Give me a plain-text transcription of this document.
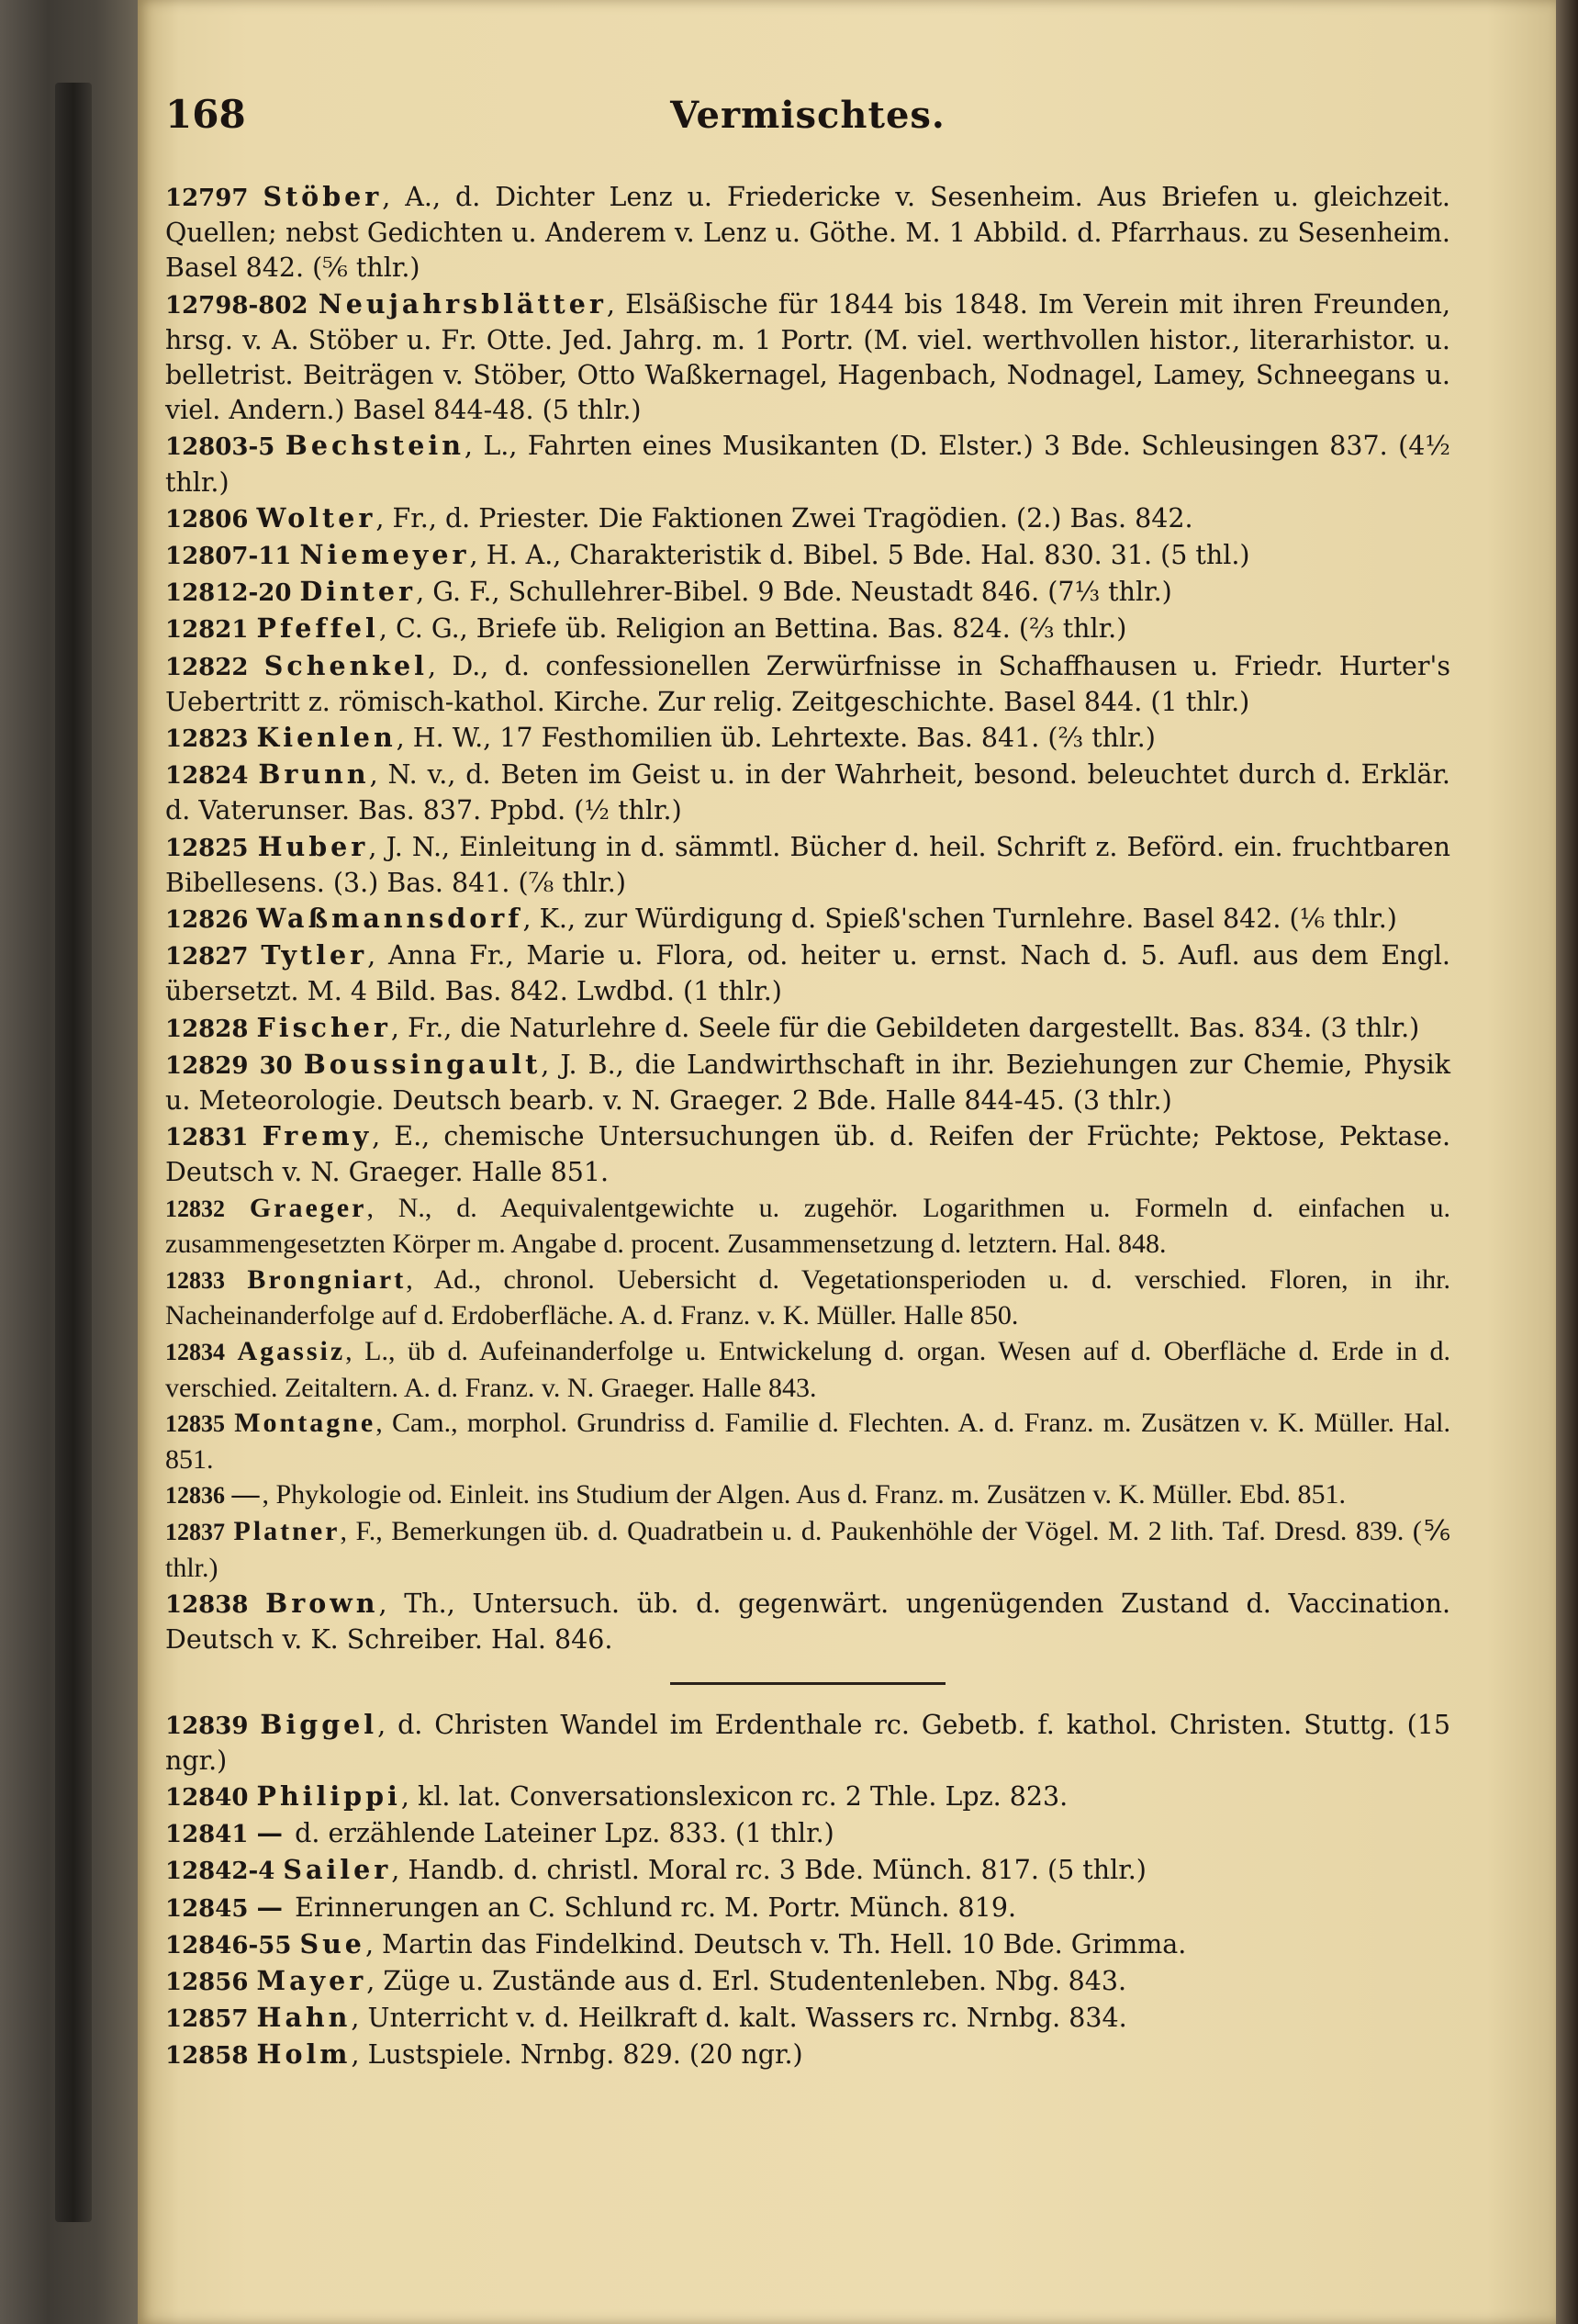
168	Vermischtes.
12797 Stöber, A., d. Dichter Lenz u. Friedericke v. Sesenheim. Aus Briefen u. gleichzeit. Quellen; nebst Gedichten u. Anderem v. Lenz u. Göthe. M. 1 Abbild. d. Pfarrhaus. zu Sesenheim. Basel 842. (⅚ thlr.)
12798-802 Neujahrsblätter, Elsäßische für 1844 bis 1848. Im Verein mit ihren Freunden, hrsg. v. A. Stöber u. Fr. Otte. Jed. Jahrg. m. 1 Portr. (M. viel. werthvollen histor., literarhistor. u. belletrist. Beiträgen v. Stöber, Otto Waßkernagel, Hagenbach, Nodnagel, Lamey, Schneegans u. viel. Andern.) Basel 844-48. (5 thlr.)
12803-5 Bechstein, L., Fahrten eines Musikanten (D. Elster.) 3 Bde. Schleusingen 837. (4½ thlr.)
12806 Wolter, Fr., d. Priester. Die Faktionen Zwei Tragödien. (2.) Bas. 842.
12807-11 Niemeyer, H. A., Charakteristik d. Bibel. 5 Bde. Hal. 830. 31. (5 thl.)
12812-20 Dinter, G. F., Schullehrer-Bibel. 9 Bde. Neustadt 846. (7⅓ thlr.)
12821 Pfeffel, C. G., Briefe üb. Religion an Bettina. Bas. 824. (⅔ thlr.)
12822 Schenkel, D., d. confessionellen Zerwürfnisse in Schaffhausen u. Friedr. Hurter's Uebertritt z. römisch-kathol. Kirche. Zur relig. Zeitgeschichte. Basel 844. (1 thlr.)
12823 Kienlen, H. W., 17 Festhomilien üb. Lehrtexte. Bas. 841. (⅔ thlr.)
12824 Brunn, N. v., d. Beten im Geist u. in der Wahrheit, besond. beleuchtet durch d. Erklär. d. Vaterunser. Bas. 837. Ppbd. (½ thlr.)
12825 Huber, J. N., Einleitung in d. sämmtl. Bücher d. heil. Schrift z. Beförd. ein. fruchtbaren Bibellesens. (3.) Bas. 841. (⅞ thlr.)
12826 Waßmannsdorf, K., zur Würdigung d. Spieß'schen Turnlehre. Basel 842. (⅙ thlr.)
12827 Tytler, Anna Fr., Marie u. Flora, od. heiter u. ernst. Nach d. 5. Aufl. aus dem Engl. übersetzt. M. 4 Bild. Bas. 842. Lwdbd. (1 thlr.)
12828 Fischer, Fr., die Naturlehre d. Seele für die Gebildeten dargestellt. Bas. 834. (3 thlr.)
12829 30 Boussingault, J. B., die Landwirthschaft in ihr. Beziehungen zur Chemie, Physik u. Meteorologie. Deutsch bearb. v. N. Graeger. 2 Bde. Halle 844-45. (3 thlr.)
12831 Fremy, E., chemische Untersuchungen üb. d. Reifen der Früchte; Pektose, Pektase. Deutsch v. N. Graeger. Halle 851.
12832 Graeger, N., d. Aequivalentgewichte u. zugehör. Logarithmen u. Formeln d. einfachen u. zusammengesetzten Körper m. Angabe d. procent. Zusammensetzung d. letztern. Hal. 848.
12833 Brongniart, Ad., chronol. Uebersicht d. Vegetationsperioden u. d. verschied. Floren, in ihr. Nacheinanderfolge auf d. Erdoberfläche. A. d. Franz. v. K. Müller. Halle 850.
12834 Agassiz, L., üb d. Aufeinanderfolge u. Entwickelung d. organ. Wesen auf d. Oberfläche d. Erde in d. verschied. Zeitaltern. A. d. Franz. v. N. Graeger. Halle 843.
12835 Montagne, Cam., morphol. Grundriss d. Familie d. Flechten. A. d. Franz. m. Zusätzen v. K. Müller. Hal. 851.
12836 —, Phykologie od. Einleit. ins Studium der Algen. Aus d. Franz. m. Zusätzen v. K. Müller. Ebd. 851.
12837 Platner, F., Bemerkungen üb. d. Quadratbein u. d. Paukenhöhle der Vögel. M. 2 lith. Taf. Dresd. 839. (⅚ thlr.)
12838 Brown, Th., Untersuch. üb. d. gegenwärt. ungenügenden Zustand d. Vaccination. Deutsch v. K. Schreiber. Hal. 846.
12839 Biggel, d. Christen Wandel im Erdenthale rc. Gebetb. f. kathol. Christen. Stuttg. (15 ngr.)
12840 Philippi, kl. lat. Conversationslexicon rc. 2 Thle. Lpz. 823.
12841 — d. erzählende Lateiner Lpz. 833. (1 thlr.)
12842-4 Sailer, Handb. d. christl. Moral rc. 3 Bde. Münch. 817. (5 thlr.)
12845 — Erinnerungen an C. Schlund rc. M. Portr. Münch. 819.
12846-55 Sue, Martin das Findelkind. Deutsch v. Th. Hell. 10 Bde. Grimma.
12856 Mayer, Züge u. Zustände aus d. Erl. Studentenleben. Nbg. 843.
12857 Hahn, Unterricht v. d. Heilkraft d. kalt. Wassers rc. Nrnbg. 834.
12858 Holm, Lustspiele. Nrnbg. 829. (20 ngr.)
